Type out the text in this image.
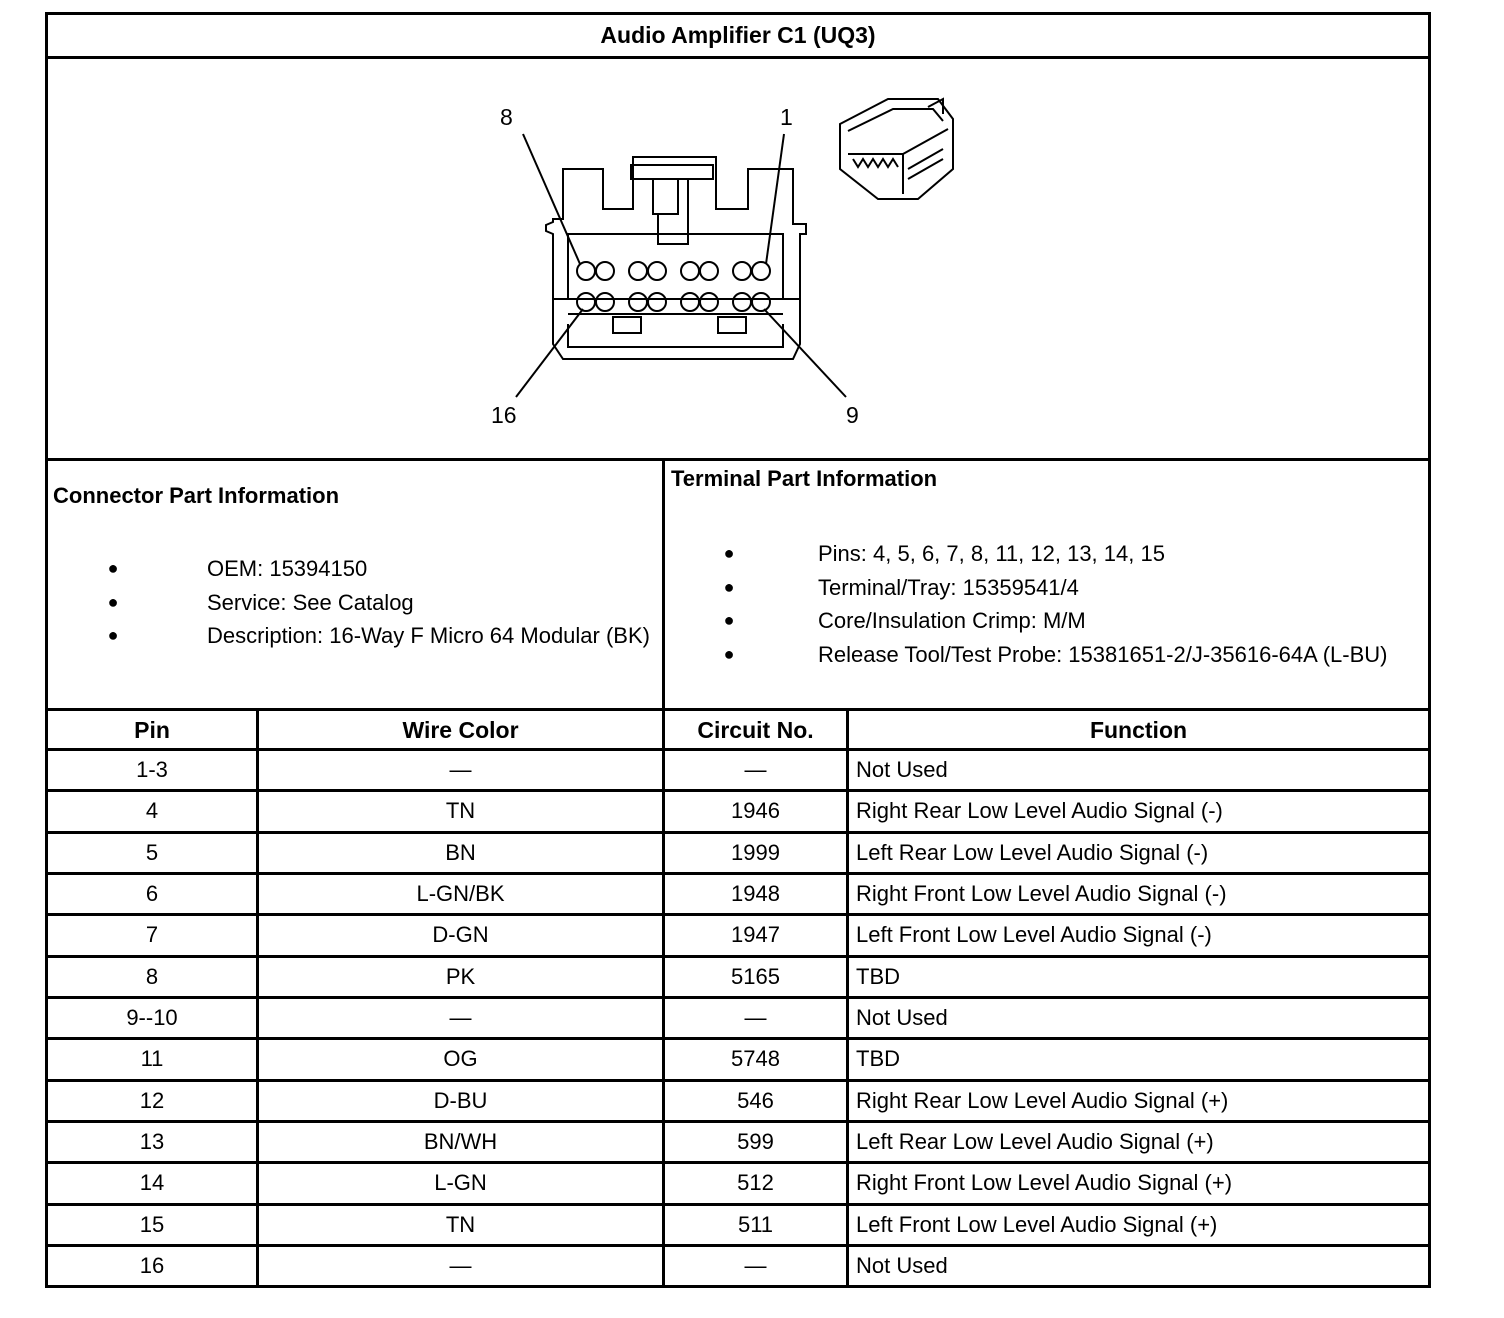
Audio Amplifier C1 (UQ3)
8	1
16	9
Connector Part Information
●	OEM: 15394150
●	Service: See Catalog
●	Description: 16-Way F Micro 64 Modular (BK)
Terminal Part Information
●	Pins: 4, 5, 6, 7, 8, 11, 12, 13, 14, 15
●	Terminal/Tray: 15359541/4
●	Core/Insulation Crimp: M/M
●	Release Tool/Test Probe: 15381651-2/J-35616-64A (L-BU)
Pin	Wire Color	Circuit No.	Function
1-3	—	—	Not Used
4	TN	1946	Right Rear Low Level Audio Signal (-)
5	BN	1999	Left Rear Low Level Audio Signal (-)
6	L-GN/BK	1948	Right Front Low Level Audio Signal (-)
7	D-GN	1947	Left Front Low Level Audio Signal (-)
8	PK	5165	TBD
9--10	—	—	Not Used
11	OG	5748	TBD
12	D-BU	546	Right Rear Low Level Audio Signal (+)
13	BN/WH	599	Left Rear Low Level Audio Signal (+)
14	L-GN	512	Right Front Low Level Audio Signal (+)
15	TN	511	Left Front Low Level Audio Signal (+)
16	—	—	Not Used
